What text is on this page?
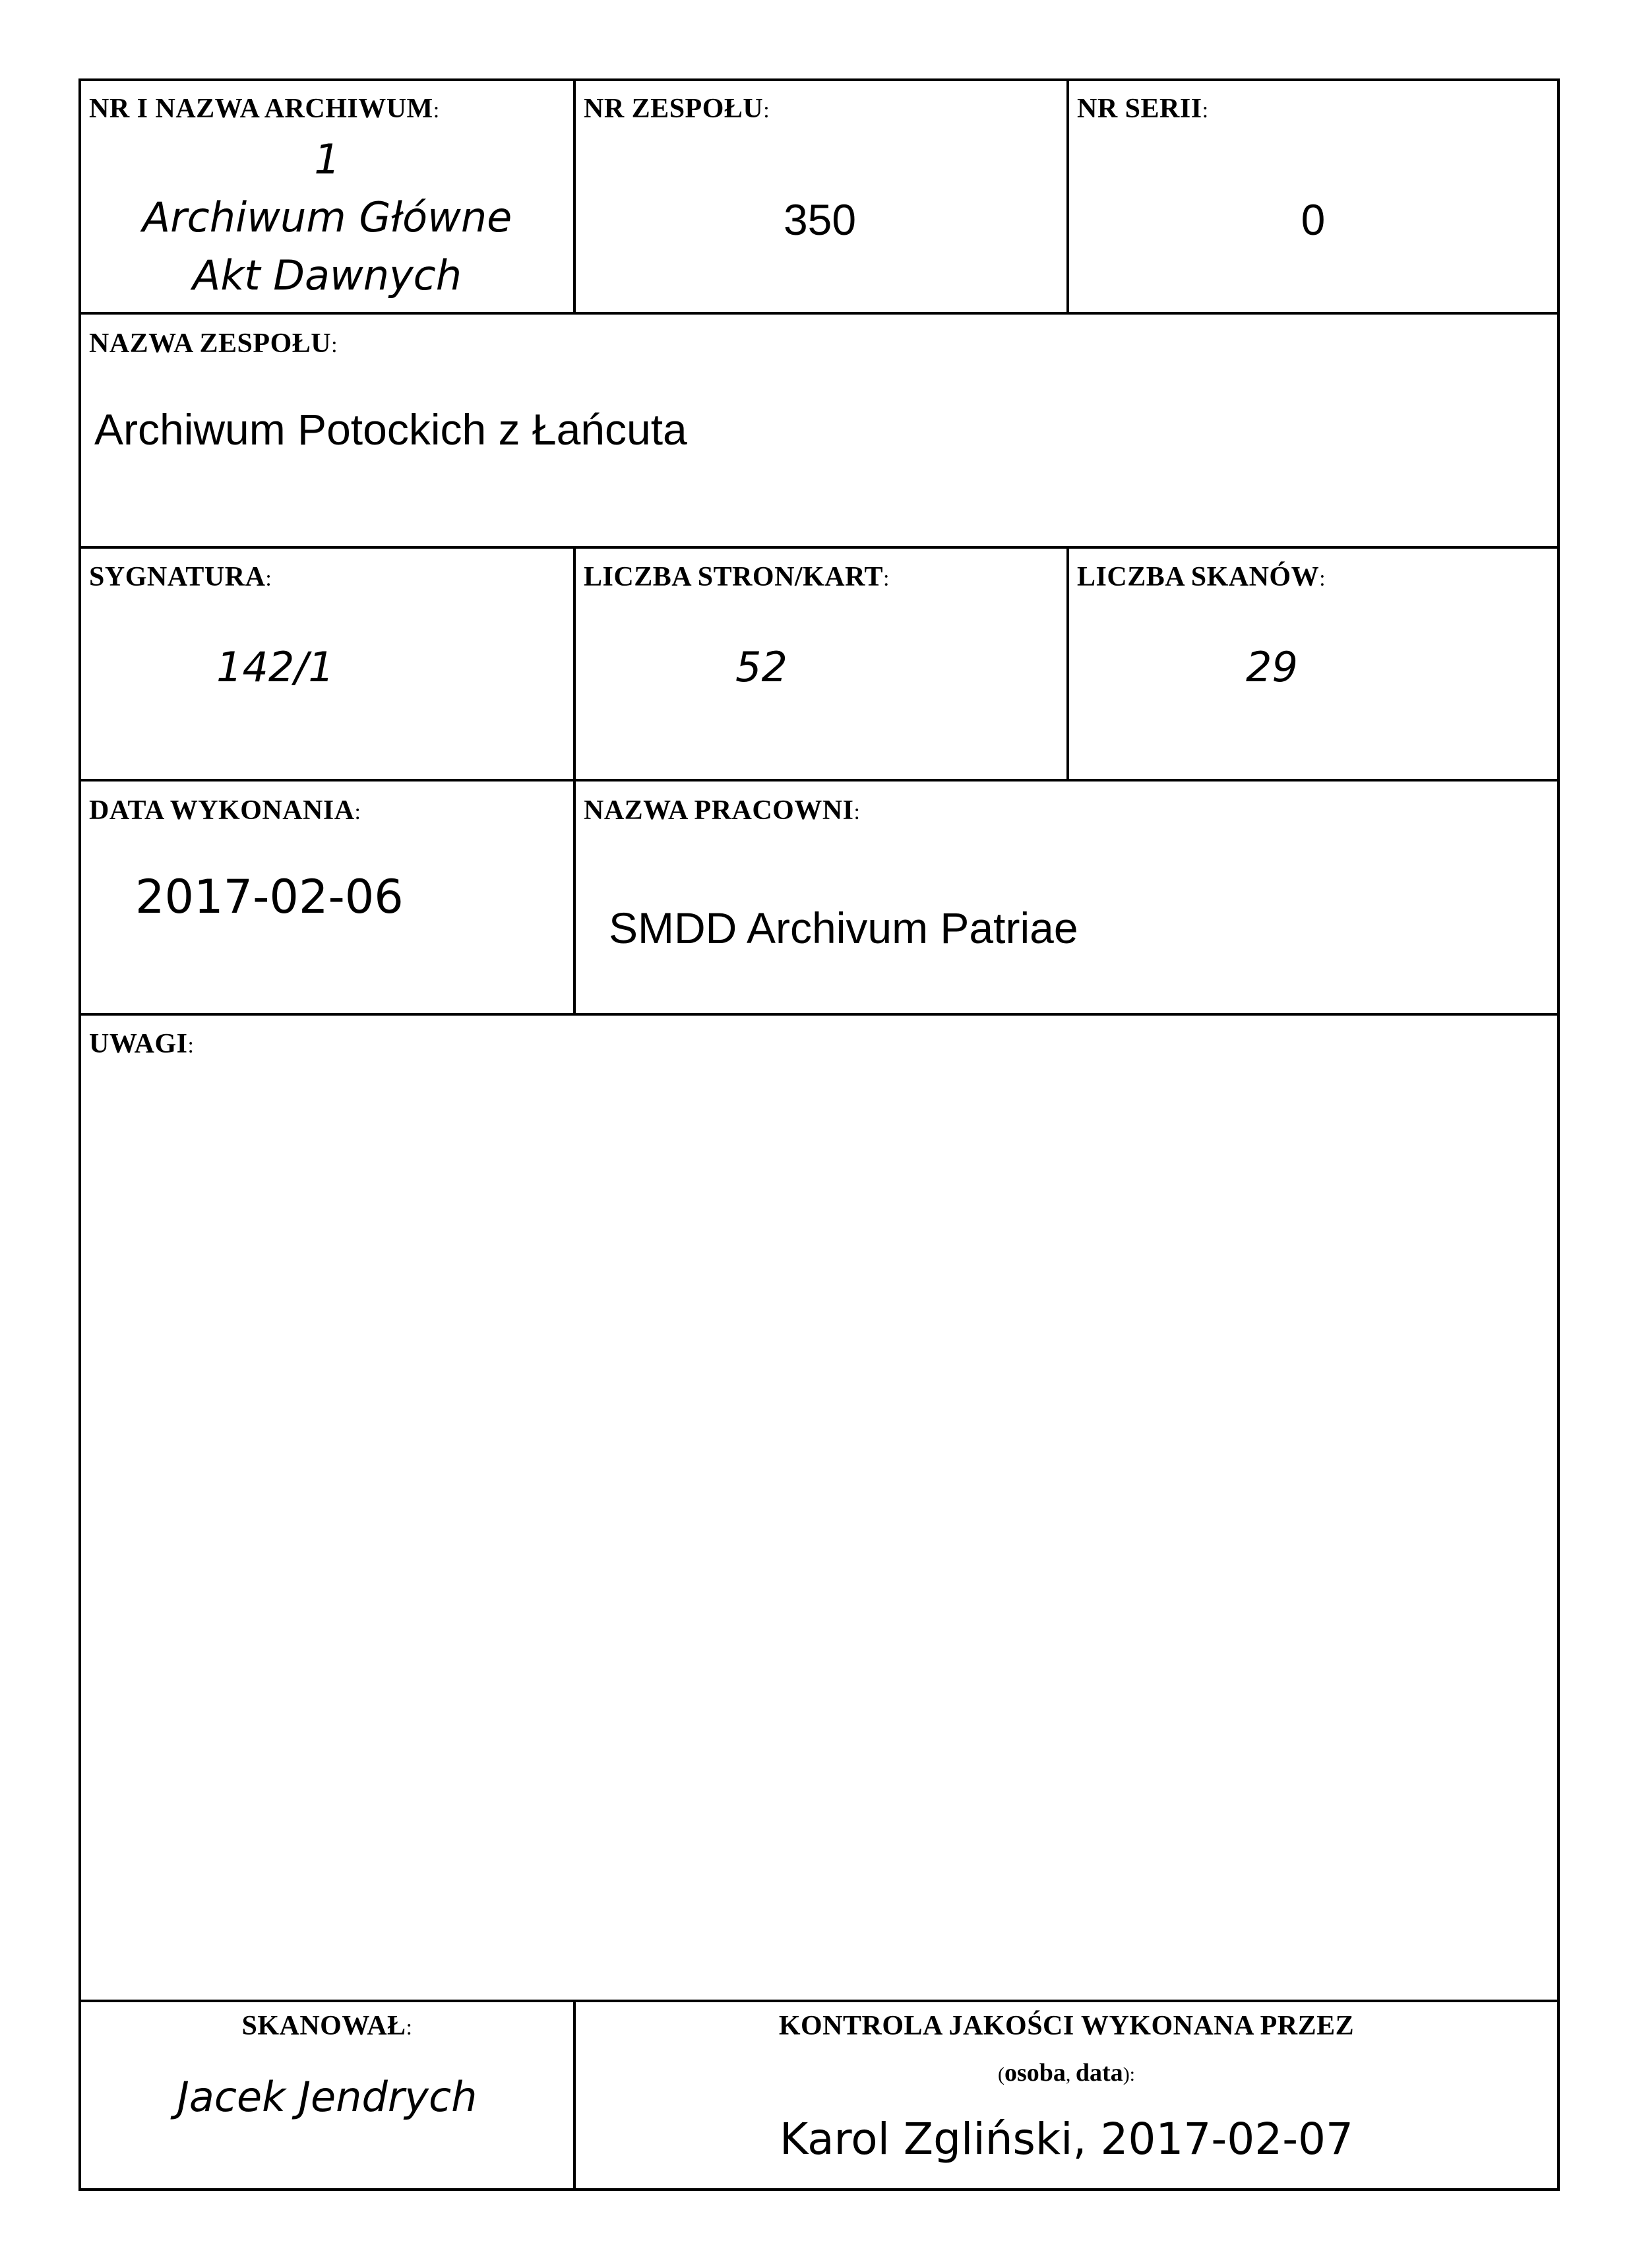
NR I NAZWA ARCHIWUM:
1
Archiwum Główne
Akt Dawnych
NR ZESPOŁU:
350
NR SERII:
0
NAZWA ZESPOŁU:
Archiwum Potockich z Łańcuta
SYGNATURA:
142/1
LICZBA STRON/KART:
52
LICZBA SKANÓW:
29
DATA WYKONANIA:
2017-02-06
NAZWA PRACOWNI:
SMDD Archivum Patriae
UWAGI:
SKANOWAŁ:
Jacek Jendrych
KONTROLA JAKOŚCI WYKONANA PRZEZ
(osoba, data):
Karol Zgliński, 2017-02-07
